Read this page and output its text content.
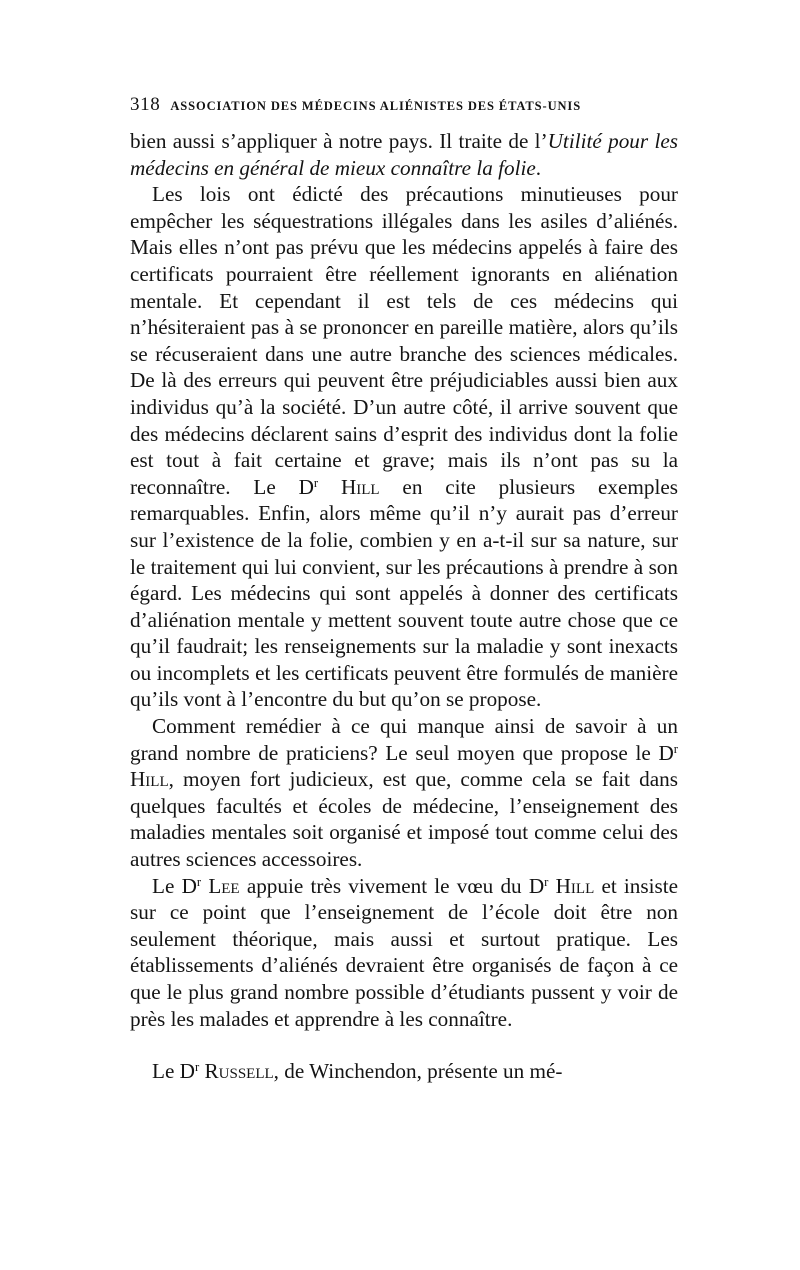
318 ASSOCIATION DES MÉDECINS ALIÉNISTES DES ÉTATS-UNIS

bien aussi s’appliquer à notre pays. Il traite de l’Utilité pour les médecins en général de mieux connaître la folie.

Les lois ont édicté des précautions minutieuses pour empêcher les séquestrations illégales dans les asiles d’aliénés. Mais elles n’ont pas prévu que les médecins appelés à faire des certificats pourraient être réellement ignorants en aliénation mentale. Et cependant il est tels de ces médecins qui n’hésiteraient pas à se prononcer en pareille matière, alors qu’ils se récuseraient dans une autre branche des sciences médicales. De là des erreurs qui peuvent être préjudiciables aussi bien aux individus qu’à la société. D’un autre côté, il arrive souvent que des médecins déclarent sains d’esprit des individus dont la folie est tout à fait certaine et grave; mais ils n’ont pas su la reconnaître. Le $D^r$ Hill en cite plusieurs exemples remarquables. Enfin, alors même qu’il n’y aurait pas d’erreur sur l’existence de la folie, combien y en a-t-il sur sa nature, sur le traitement qui lui convient, sur les précautions à prendre à son égard. Les médecins qui sont appelés à donner des certificats d’aliénation mentale y mettent souvent toute autre chose que ce qu’il faudrait; les renseignements sur la maladie y sont inexacts ou incomplets et les certificats peuvent être formulés de manière qu’ils vont à l’encontre du but qu’on se propose.

Comment remédier à ce qui manque ainsi de savoir à un grand nombre de praticiens? Le seul moyen que propose le $D^r$ Hill, moyen fort judicieux, est que, comme cela se fait dans quelques facultés et écoles de médecine, l’enseignement des maladies mentales soit organisé et imposé tout comme celui des autres sciences accessoires.

Le $D^r$ Lee appuie très vivement le vœu du $D^r$ Hill et insiste sur ce point que l’enseignement de l’école doit être non seulement théorique, mais aussi et surtout pratique. Les établissements d’aliénés devraient être organisés de façon à ce que le plus grand nombre possible d’étudiants pussent y voir de près les malades et apprendre à les connaître.

Le $D^r$ Russell, de Winchendon, présente un mé-
